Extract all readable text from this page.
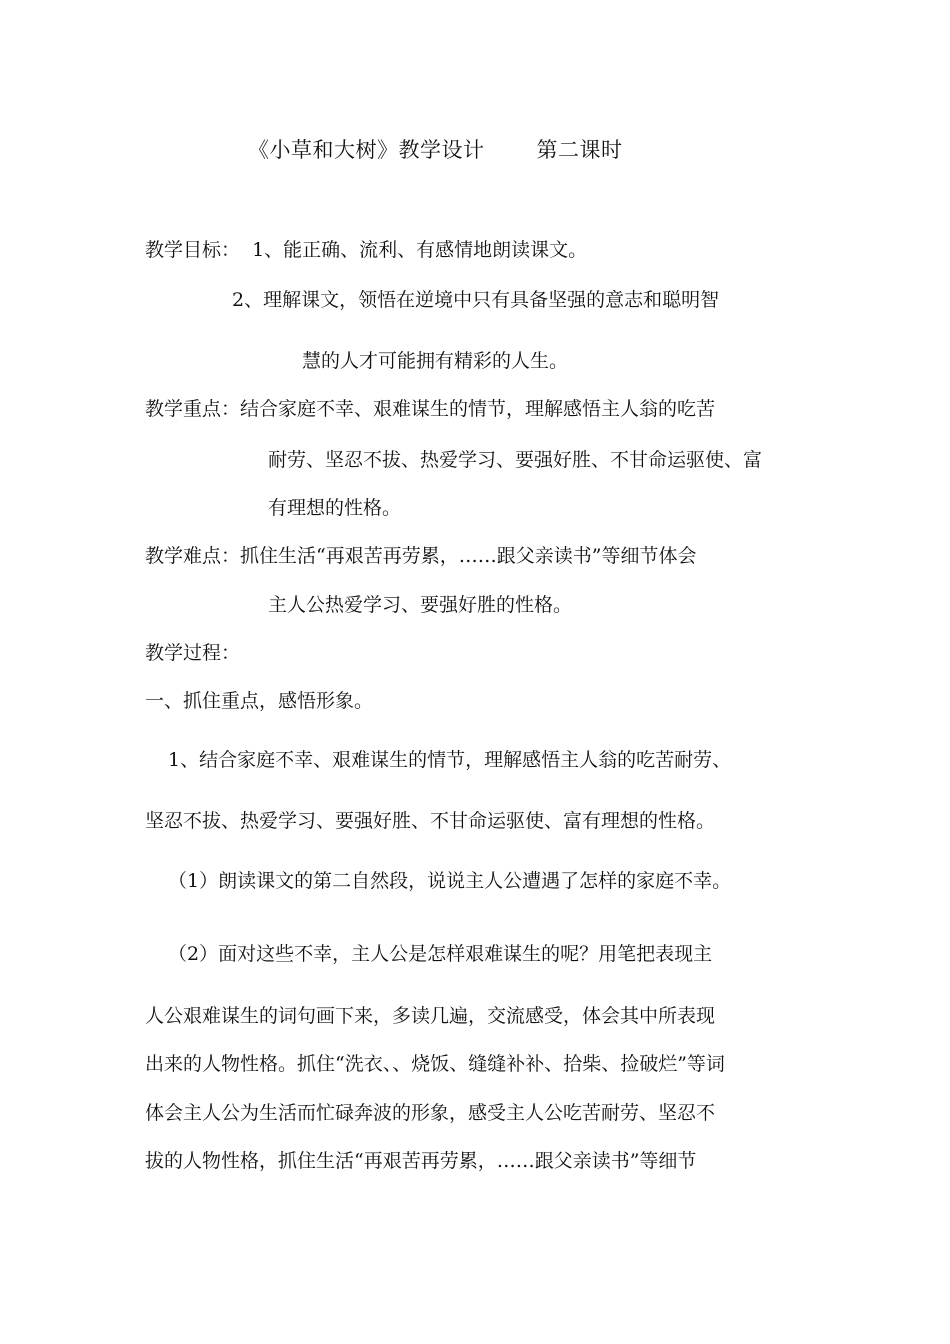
《小草和大树》教学设计 第二课时
教学目标： 1、能正确、流利、有感情地朗读课文。
2、理解课文，领悟在逆境中只有具备坚强的意志和聪明智
慧的人才可能拥有精彩的人生。
教学重点：结合家庭不幸、艰难谋生的情节，理解感悟主人翁的吃苦
耐劳、坚忍不拔、热爱学习、要强好胜、不甘命运驱使、富
有理想的性格。
教学难点：抓住生活“再艰苦再劳累，……跟父亲读书”等细节体会
主人公热爱学习、要强好胜的性格。
教学过程：
一、抓住重点，感悟形象。
1、结合家庭不幸、艰难谋生的情节，理解感悟主人翁的吃苦耐劳、
坚忍不拔、热爱学习、要强好胜、不甘命运驱使、富有理想的性格。
（1）朗读课文的第二自然段，说说主人公遭遇了怎样的家庭不幸。
（2）面对这些不幸，主人公是怎样艰难谋生的呢？用笔把表现主
人公艰难谋生的词句画下来，多读几遍，交流感受，体会其中所表现
出来的人物性格。抓住“洗衣、、烧饭、缝缝补补、拾柴、捡破烂”等词
体会主人公为生活而忙碌奔波的形象，感受主人公吃苦耐劳、坚忍不
拔的人物性格，抓住生活“再艰苦再劳累，……跟父亲读书”等细节
